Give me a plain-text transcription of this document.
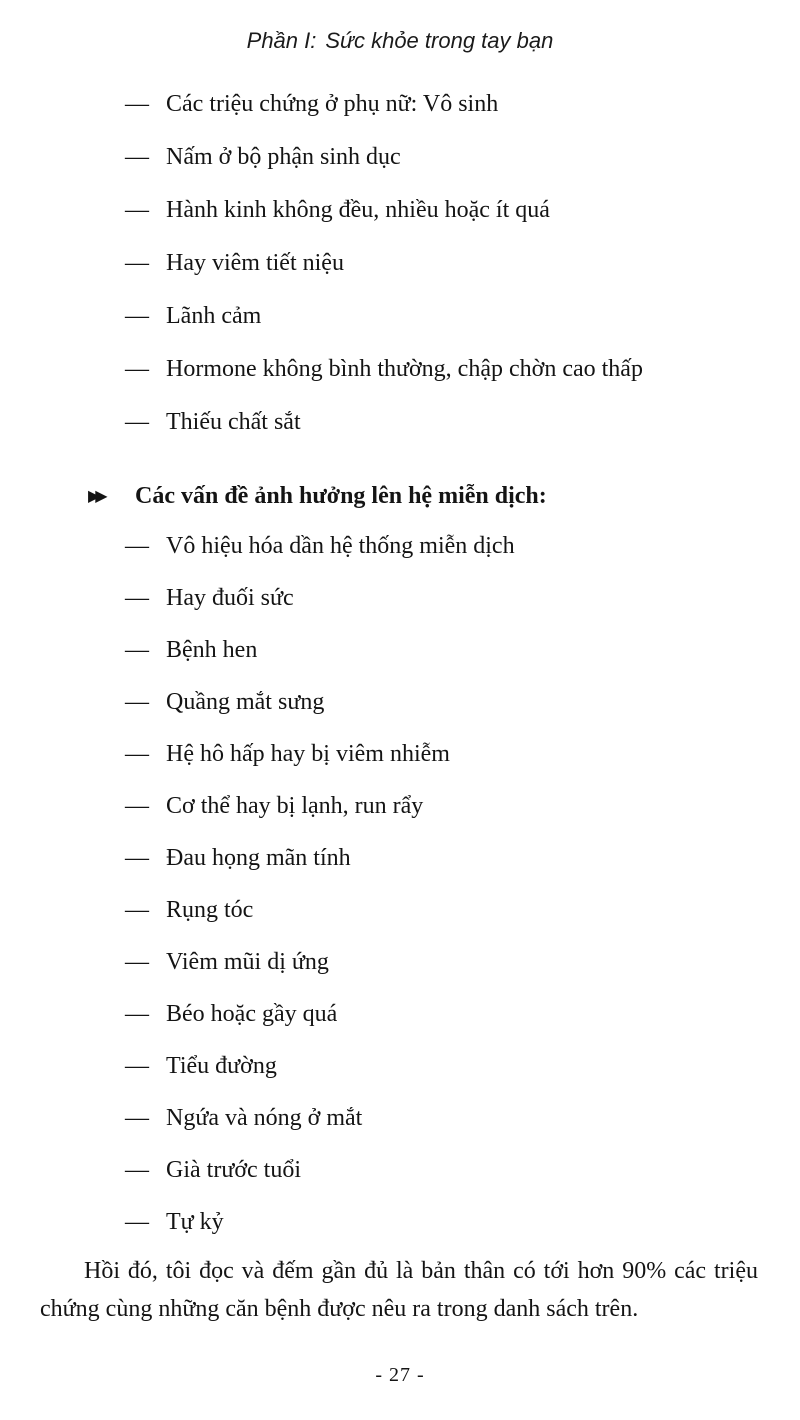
Phần I: Sức khỏe trong tay bạn
— Các triệu chứng ở phụ nữ: Vô sinh
— Nấm ở bộ phận sinh dục
— Hành kinh không đều, nhiều hoặc ít quá
— Hay viêm tiết niệu
— Lãnh cảm
— Hormone không bình thường, chập chờn cao thấp
— Thiếu chất sắt
▶▶	Các vấn đề ảnh hưởng lên hệ miễn dịch:
— Vô hiệu hóa dần hệ thống miễn dịch
— Hay đuối sức
— Bệnh hen
— Quầng mắt sưng
— Hệ hô hấp hay bị viêm nhiễm
— Cơ thể hay bị lạnh, run rẩy
— Đau họng mãn tính
— Rụng tóc
— Viêm mũi dị ứng
— Béo hoặc gầy quá
— Tiểu đường
— Ngứa và nóng ở mắt
— Già trước tuổi
— Tự kỷ

Hồi đó, tôi đọc và đếm gần đủ là bản thân có tới hơn 90% các triệu chứng cùng những căn bệnh được nêu ra trong danh sách trên.

- 27 -
